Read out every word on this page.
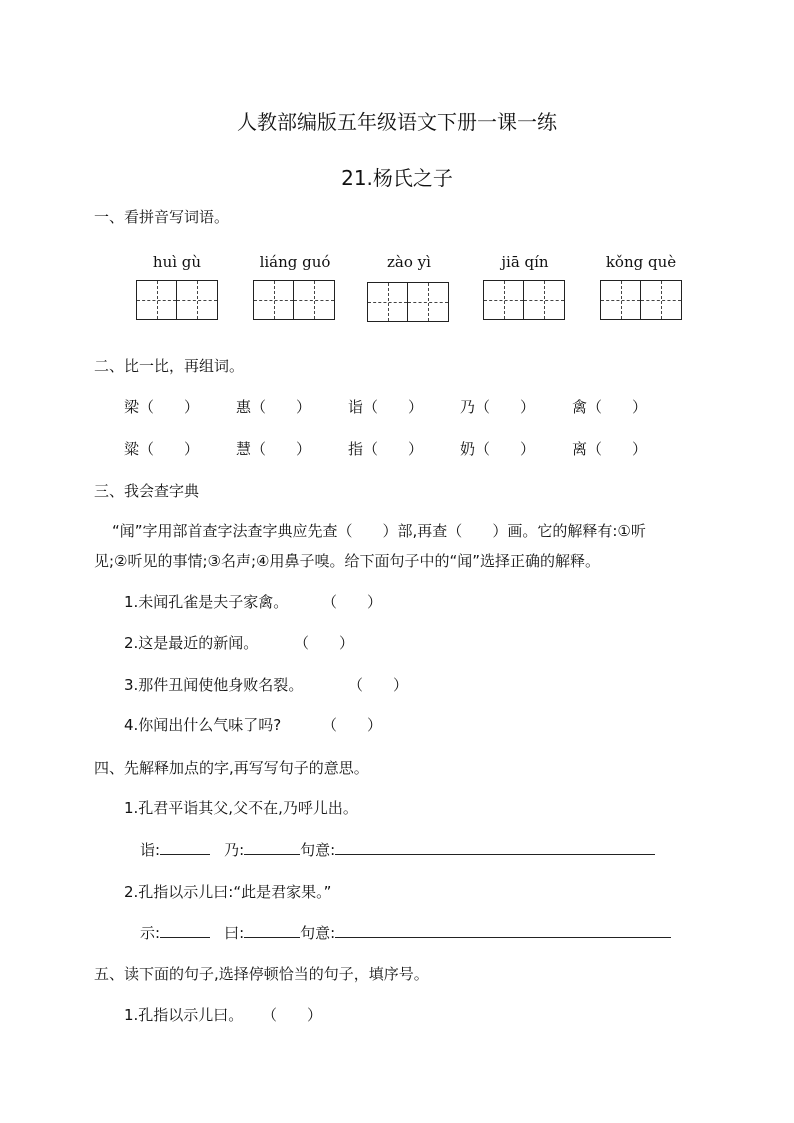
人教部编版五年级语文下册一课一练
21.杨氏之子
一、看拼音写词语。
huì gù	liáng guó	zào yì	jiā qín	kǒng què
二、比一比，再组词。
梁（　　） 惠（　　） 诣（　　） 乃（　　） 禽（　　）
粱（　　） 慧（　　） 指（　　） 奶（　　） 离（　　）
三、我会查字典
“闻”字用部首查字法查字典应先查（　　）部,再查（　　）画。它的解释有:①听
见;②听见的事情;③名声;④用鼻子嗅。给下面句子中的“闻”选择正确的解释。
1.未闻孔雀是夫子家禽。 （　　）
2.这是最近的新闻。 （　　）
3.那件丑闻使他身败名裂。	（　　）
4.你闻出什么气味了吗?	（　　）
四、先解释加点的字,再写写句子的意思。
1.孔君平诣其父,父不在,乃呼儿出。
诣:	乃:	句意:
2.孔指以示儿曰:“此是君家果。”
示:	曰:	句意:
五、读下面的句子,选择停顿恰当的句子，填序号。
1.孔指以示儿曰。 （　　）
